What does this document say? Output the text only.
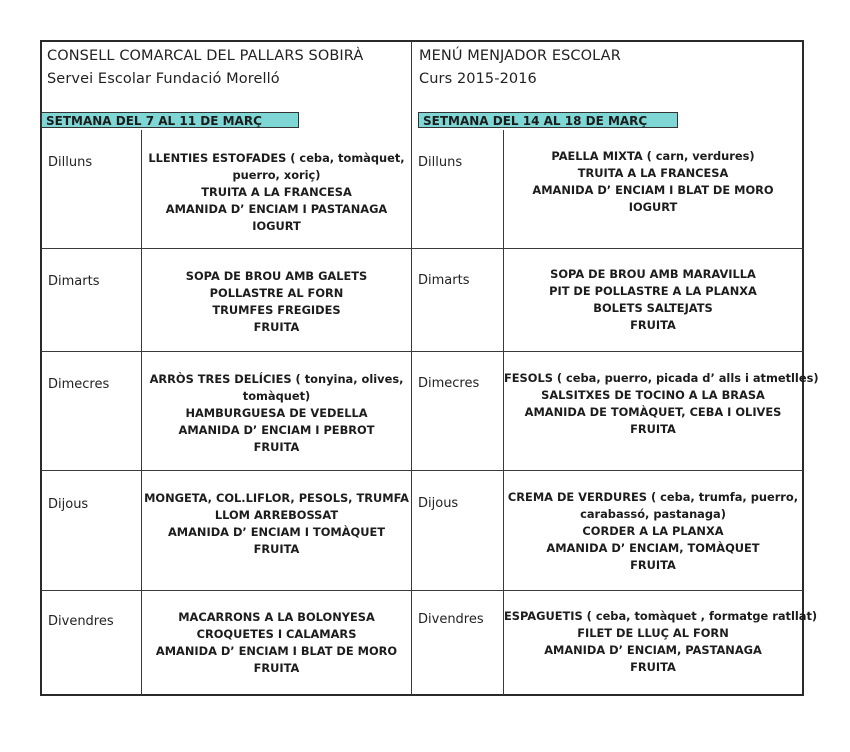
CONSELL COMARCAL DEL PALLARS SOBIRÀ
Servei Escolar Fundació Morelló
MENÚ MENJADOR ESCOLAR
Curs 2015-2016
SETMANA DEL 7 AL 11 DE MARÇ	SETMANA DEL 14 AL 18 DE MARÇ
Dilluns	LLENTIES ESTOFADES ( ceba, tomàquet,
puerro, xoriç)
TRUITA A LA FRANCESA
AMANIDA D’ ENCIAM I PASTANAGA
IOGURT
Dimarts	SOPA DE BROU AMB GALETS
POLLASTRE AL FORN
TRUMFES FREGIDES
FRUITA
Dimecres	ARRÒS TRES DELÍCIES ( tonyina, olives,
tomàquet)
HAMBURGUESA DE VEDELLA
AMANIDA D’ ENCIAM I PEBROT
FRUITA
Dijous	MONGETA, COL.LIFLOR, PESOLS, TRUMFA
LLOM ARREBOSSAT
AMANIDA D’ ENCIAM I TOMÀQUET
FRUITA
Divendres	MACARRONS A LA BOLONYESA
CROQUETES I CALAMARS
AMANIDA D’ ENCIAM I BLAT DE MORO
FRUITA
Dilluns	PAELLA MIXTA ( carn, verdures)
TRUITA A LA FRANCESA
AMANIDA D’ ENCIAM I BLAT DE MORO
IOGURT
Dimarts	SOPA DE BROU AMB MARAVILLA
PIT DE POLLASTRE A LA PLANXA
BOLETS SALTEJATS
FRUITA
Dimecres FESOLS ( ceba, puerro, picada d’ alls i atmetlles)
SALSITXES DE TOCINO A LA BRASA
AMANIDA DE TOMÀQUET, CEBA I OLIVES
FRUITA
Dijous	CREMA DE VERDURES ( ceba, trumfa, puerro,
carabassó, pastanaga)
CORDER A LA PLANXA
AMANIDA D’ ENCIAM, TOMÀQUET
FRUITA
Divendres ESPAGUETIS ( ceba, tomàquet , formatge ratllat)
FILET DE LLUÇ AL FORN
AMANIDA D’ ENCIAM, PASTANAGA
FRUITA
